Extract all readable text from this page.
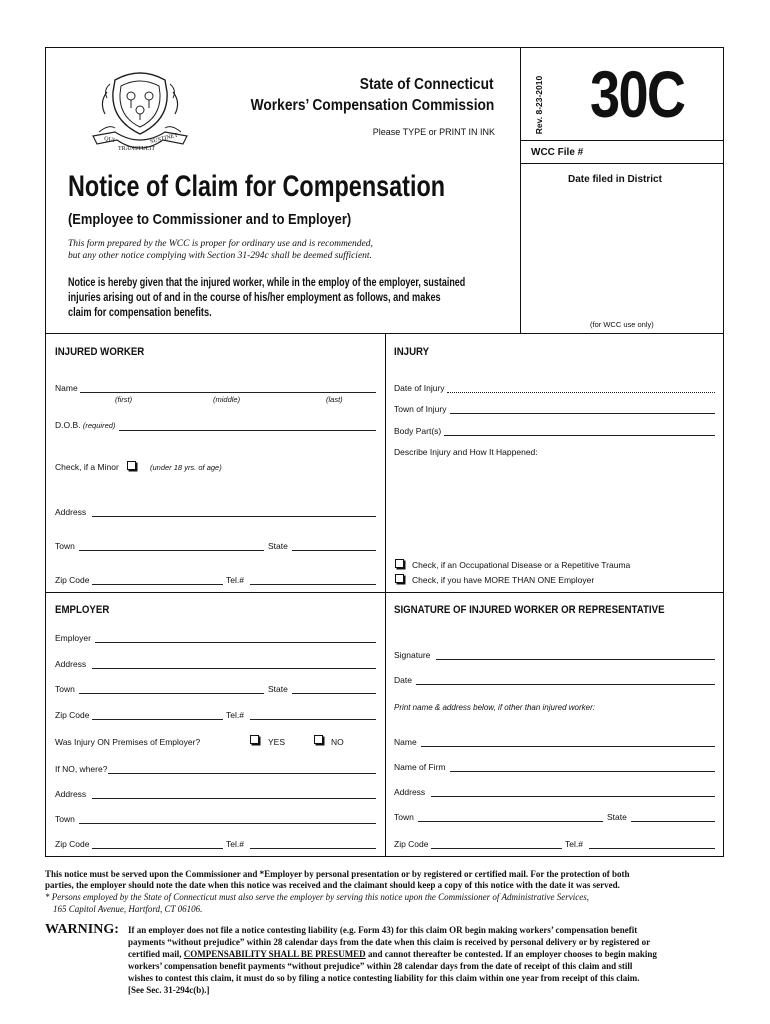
QUI
TRANSTULIT
SUSTINET
State of Connecticut
Workers’ Compensation Commission
Please TYPE or PRINT IN INK	Rev. 8-23-2010 30C
WCC File #
Date filed in District
(for WCC use only)
Notice of Claim for Compensation
(Employee to Commissioner and to Employer)
This form prepared by the WCC is proper for ordinary use and is recommended,
but any other notice complying with Section 31-294c shall be deemed sufficient.
Notice is hereby given that the injured worker, while in the employ of the employer, sustained
injuries arising out of and in the course of his/her employment as follows, and makes
claim for compensation benefits.
INJURED WORKER
Name
(first)	(middle)	(last)
D.O.B. (required)
Check, if a Minor	(under 18 yrs. of age)
Address
Town	State
Zip Code	Tel.#
INJURY
Date of Injury
Town of Injury
Body Part(s)
Describe Injury and How It Happened:
Check, if an Occupational Disease or a Repetitive Trauma
Check, if you have MORE THAN ONE Employer
EMPLOYER
Employer
Address
Town	State
Zip Code	Tel.#
Was Injury ON Premises of Employer?	YES	NO
If NO, where?
Address
Town
Zip Code	Tel.#
SIGNATURE OF INJURED WORKER OR REPRESENTATIVE
Signature
Date
Print name & address below, if other than injured worker:
Name
Name of Firm
Address
Town	State
Zip Code	Tel.#
This notice must be served upon the Commissioner and *Employer by personal presentation or by registered or certified mail. For the protection of both
parties, the employer should note the date when this notice was received and the claimant should keep a copy of this notice with the date it was served.
* Persons employed by the State of Connecticut must also serve the employer by serving this notice upon the Commissioner of Administrative Services,
165 Capitol Avenue, Hartford, CT 06106.
WARNING: If an employer does not file a notice contesting liability (e.g. Form 43) for this claim OR begin making workers’ compensation benefit
payments “without prejudice” within 28 calendar days from the date when this claim is received by personal delivery or by registered or
certified mail, COMPENSABILITY SHALL BE PRESUMED and cannot thereafter be contested. If an employer chooses to begin making
workers’ compensation benefit payments “without prejudice” within 28 calendar days from the date of receipt of this claim and still
wishes to contest this claim, it must do so by filing a notice contesting liability for this claim within one year from receipt of this claim.
[See Sec. 31-294c(b).]
